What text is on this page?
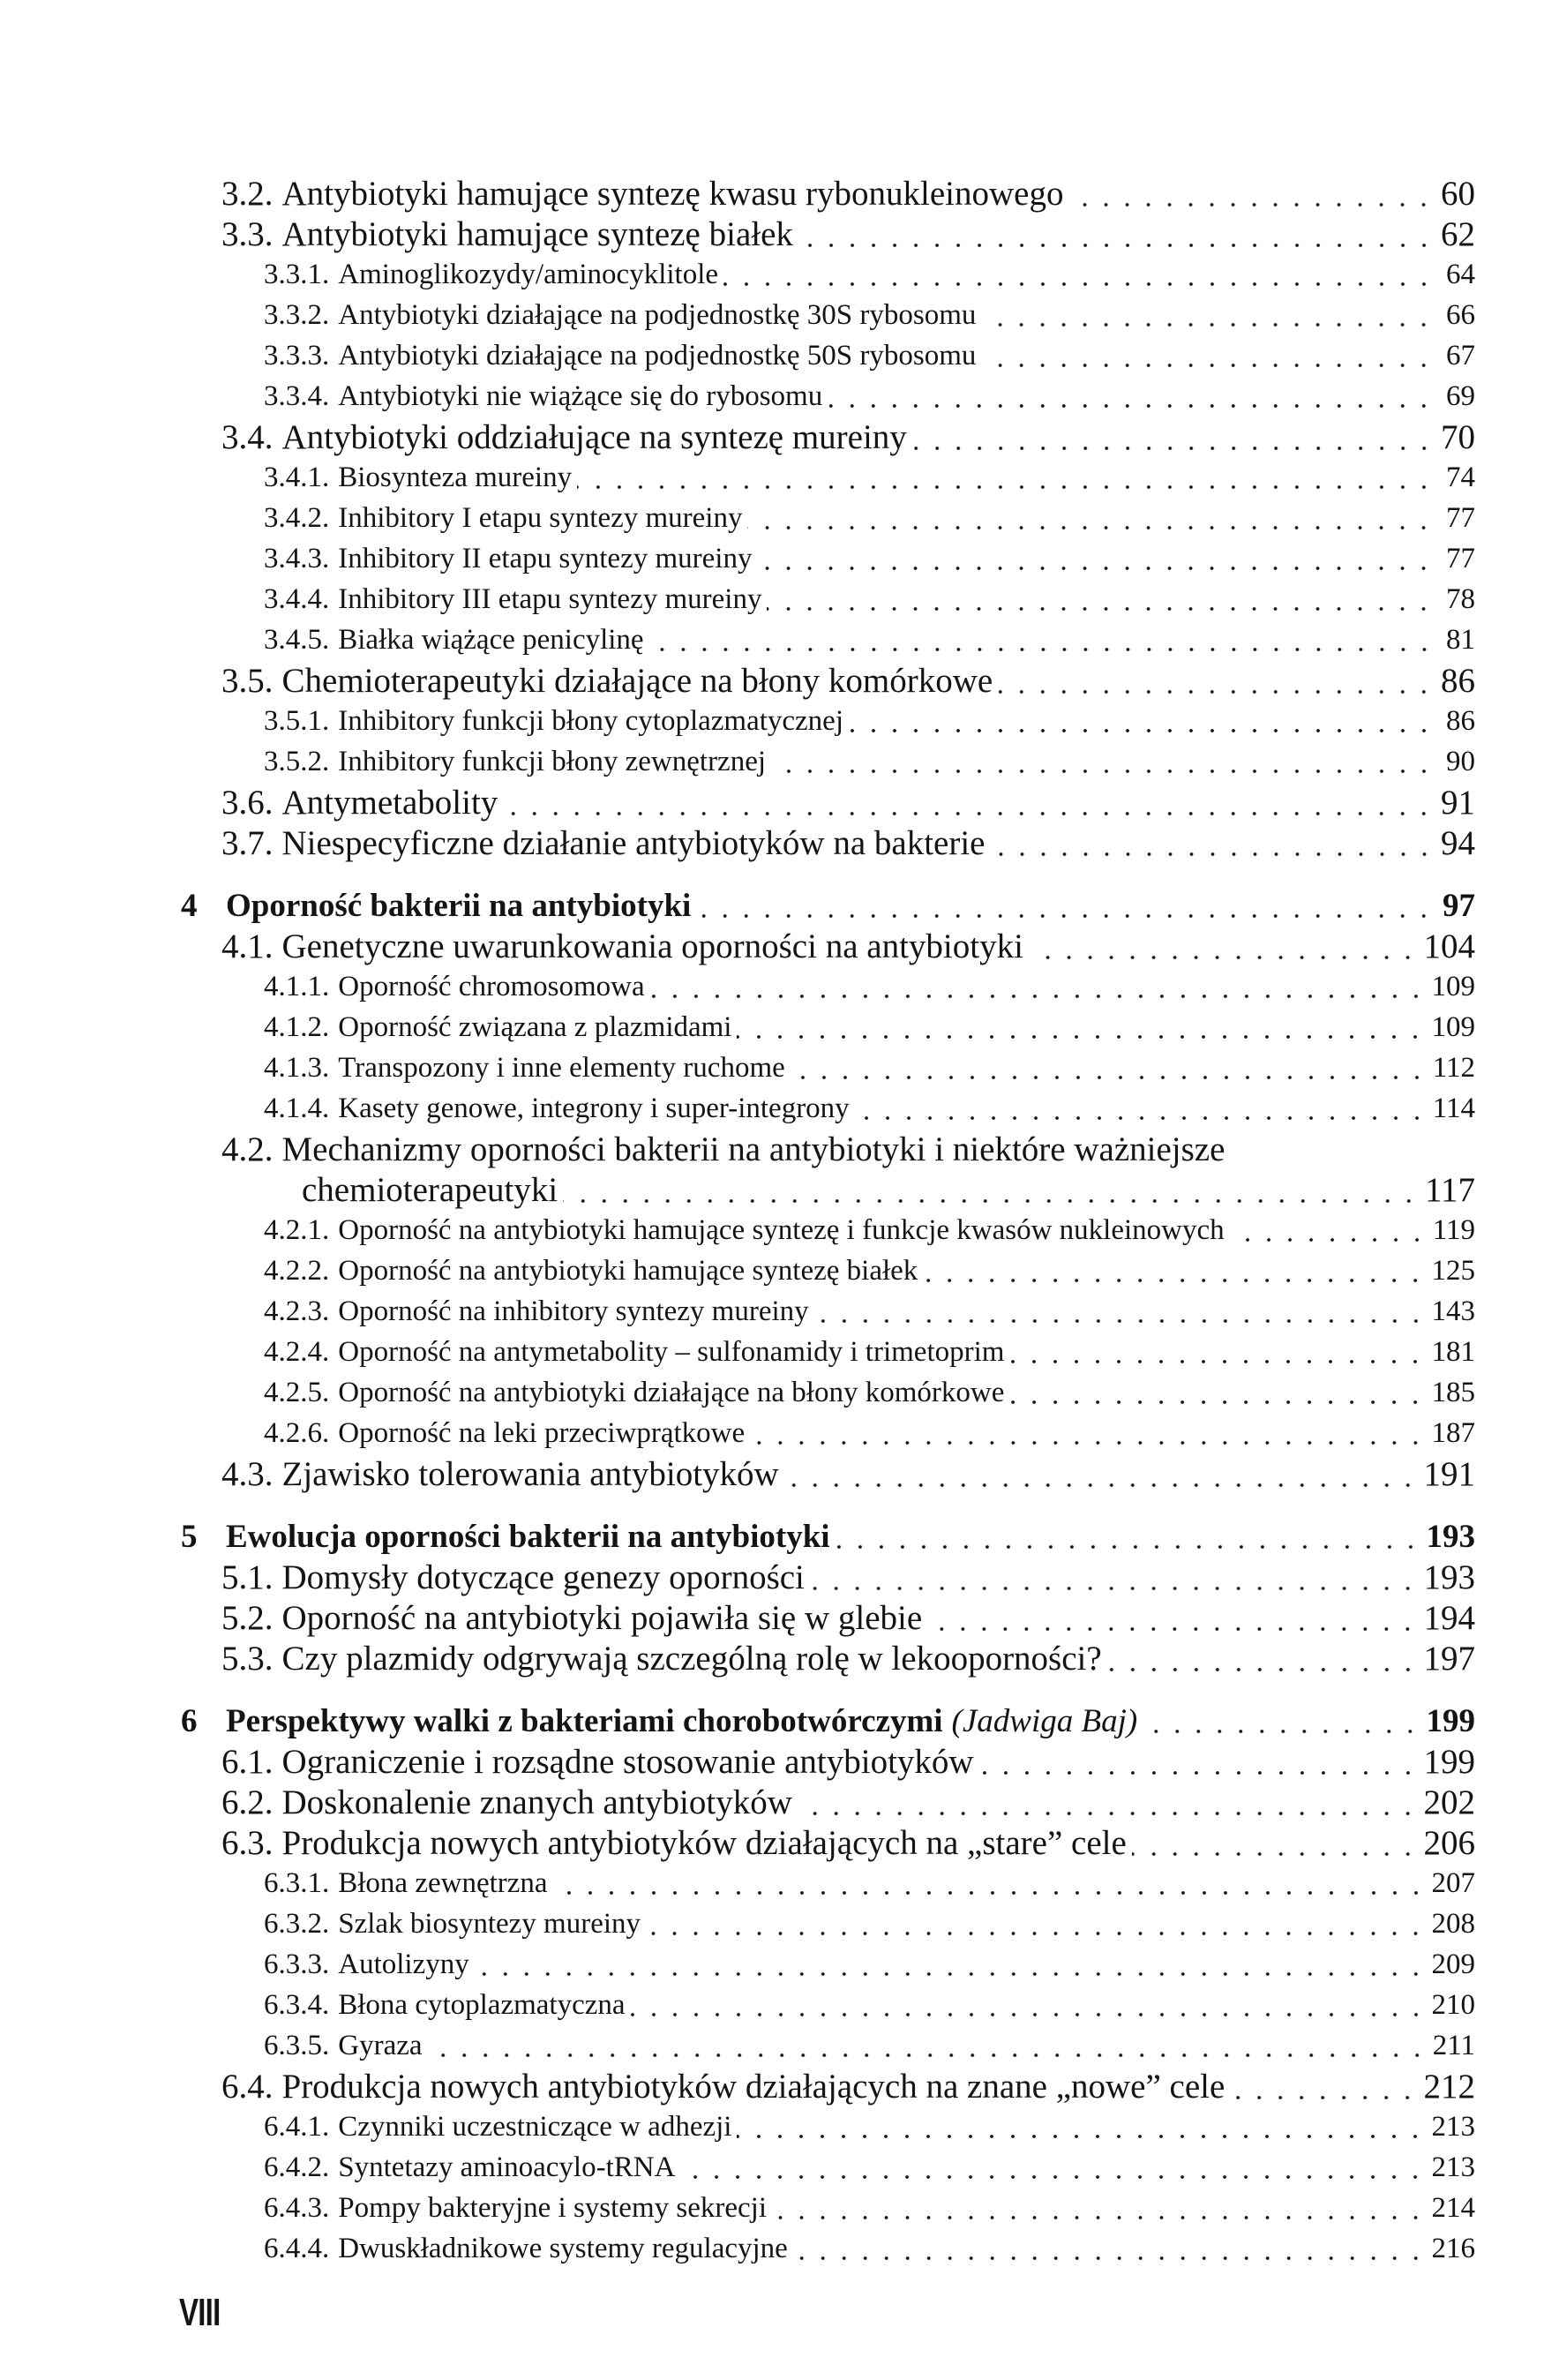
3.2. Antybiotyki hamujące syntezę kwasu rybonukleinowego	60
3.3. Antybiotyki hamujące syntezę białek	62
3.3.1. Aminoglikozydy/aminocyklitole	64
3.3.2. Antybiotyki działające na podjednostkę 30S rybosomu	66
3.3.3. Antybiotyki działające na podjednostkę 50S rybosomu	67
3.3.4. Antybiotyki nie wiążące się do rybosomu	69
3.4. Antybiotyki oddziałujące na syntezę mureiny	70
3.4.1. Biosynteza mureiny	74
3.4.2. Inhibitory I etapu syntezy mureiny	77
3.4.3. Inhibitory II etapu syntezy mureiny	77
3.4.4. Inhibitory III etapu syntezy mureiny	78
3.4.5. Białka wiążące penicylinę	81
3.5. Chemioterapeutyki działające na błony komórkowe	86
3.5.1. Inhibitory funkcji błony cytoplazmatycznej	86
3.5.2. Inhibitory funkcji błony zewnętrznej	90
3.6. Antymetabolity	91
3.7. Niespecyficzne działanie antybiotyków na bakterie	94
4 Oporność bakterii na antybiotyki	97
4.1. Genetyczne uwarunkowania oporności na antybiotyki	104
4.1.1. Oporność chromosomowa	109
4.1.2. Oporność związana z plazmidami	109
4.1.3. Transpozony i inne elementy ruchome	112
4.1.4. Kasety genowe, integrony i super-integrony	114
4.2. Mechanizmy oporności bakterii na antybiotyki i niektóre ważniejsze
chemioterapeutyki	117
4.2.1. Oporność na antybiotyki hamujące syntezę i funkcje kwasów nukleinowych	119
4.2.2. Oporność na antybiotyki hamujące syntezę białek	125
4.2.3. Oporność na inhibitory syntezy mureiny	143
4.2.4. Oporność na antymetabolity – sulfonamidy i trimetoprim	181
4.2.5. Oporność na antybiotyki działające na błony komórkowe	185
4.2.6. Oporność na leki przeciwprątkowe	187
4.3. Zjawisko tolerowania antybiotyków	191
5 Ewolucja oporności bakterii na antybiotyki	193
5.1. Domysły dotyczące genezy oporności	193
5.2. Oporność na antybiotyki pojawiła się w glebie	194
5.3. Czy plazmidy odgrywają szczególną rolę w lekooporności?	197
6 Perspektywy walki z bakteriami chorobotwórczymi (Jadwiga Baj)	199
6.1. Ograniczenie i rozsądne stosowanie antybiotyków	199
6.2. Doskonalenie znanych antybiotyków	202
6.3. Produkcja nowych antybiotyków działających na „stare” cele	206
6.3.1. Błona zewnętrzna	207
6.3.2. Szlak biosyntezy mureiny	208
6.3.3. Autolizyny	209
6.3.4. Błona cytoplazmatyczna	210
6.3.5. Gyraza	211
6.4. Produkcja nowych antybiotyków działających na znane „nowe” cele	212
6.4.1. Czynniki uczestniczące w adhezji	213
6.4.2. Syntetazy aminoacylo-tRNA	213
6.4.3. Pompy bakteryjne i systemy sekrecji	214
6.4.4. Dwuskładnikowe systemy regulacyjne	216
VIII
